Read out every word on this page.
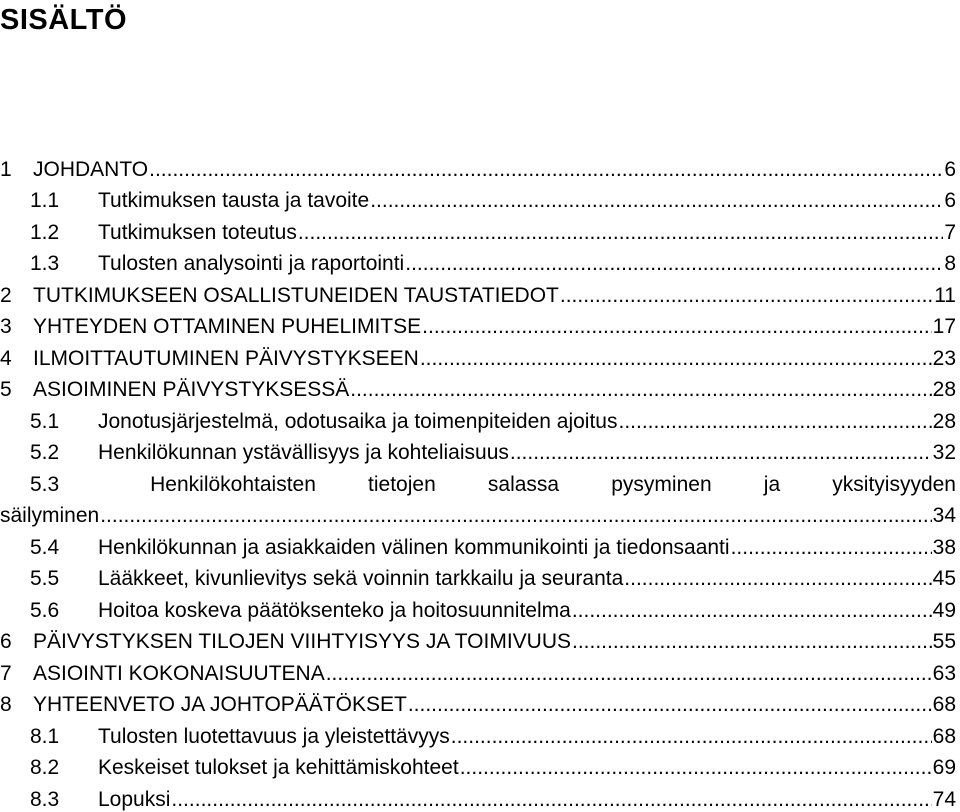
SISÄLTÖ
1	JOHDANTO .....	6
1.1	Tutkimuksen tausta ja tavoite .....	6
1.2	Tutkimuksen toteutus .....	7
1.3	Tulosten analysointi ja raportointi .....	8
2	TUTKIMUKSEEN OSALLISTUNEIDEN TAUSTATIEDOT .....	11
3	YHTEYDEN OTTAMINEN PUHELIMITSE .....	17
4	ILMOITTAUTUMINEN PÄIVYSTYKSEEN .....	23
5	ASIOIMINEN PÄIVYSTYKSESSÄ .....	28
5.1	Jonotusjärjestelmä, odotusaika ja toimenpiteiden ajoitus .....	28
5.2	Henkilökunnan ystävällisyys ja kohteliaisuus .....	32
5.3	Henkilökohtaisten tietojen salassa pysyminen ja yksityisyyden
säilyminen .....	34
5.4	Henkilökunnan ja asiakkaiden välinen kommunikointi ja tiedonsaanti .....	38
5.5	Lääkkeet, kivunlievitys sekä voinnin tarkkailu ja seuranta .....	45
5.6	Hoitoa koskeva päätöksenteko ja hoitosuunnitelma .....	49
6	PÄIVYSTYKSEN TILOJEN VIIHTYISYYS JA TOIMIVUUS .....	55
7	ASIOINTI KOKONAISUUTENA .....	63
8	YHTEENVETO JA JOHTOPÄÄTÖKSET .....	68
8.1	Tulosten luotettavuus ja yleistettävyys .....	68
8.2	Keskeiset tulokset ja kehittämiskohteet .....	69
8.3	Lopuksi .....	74
